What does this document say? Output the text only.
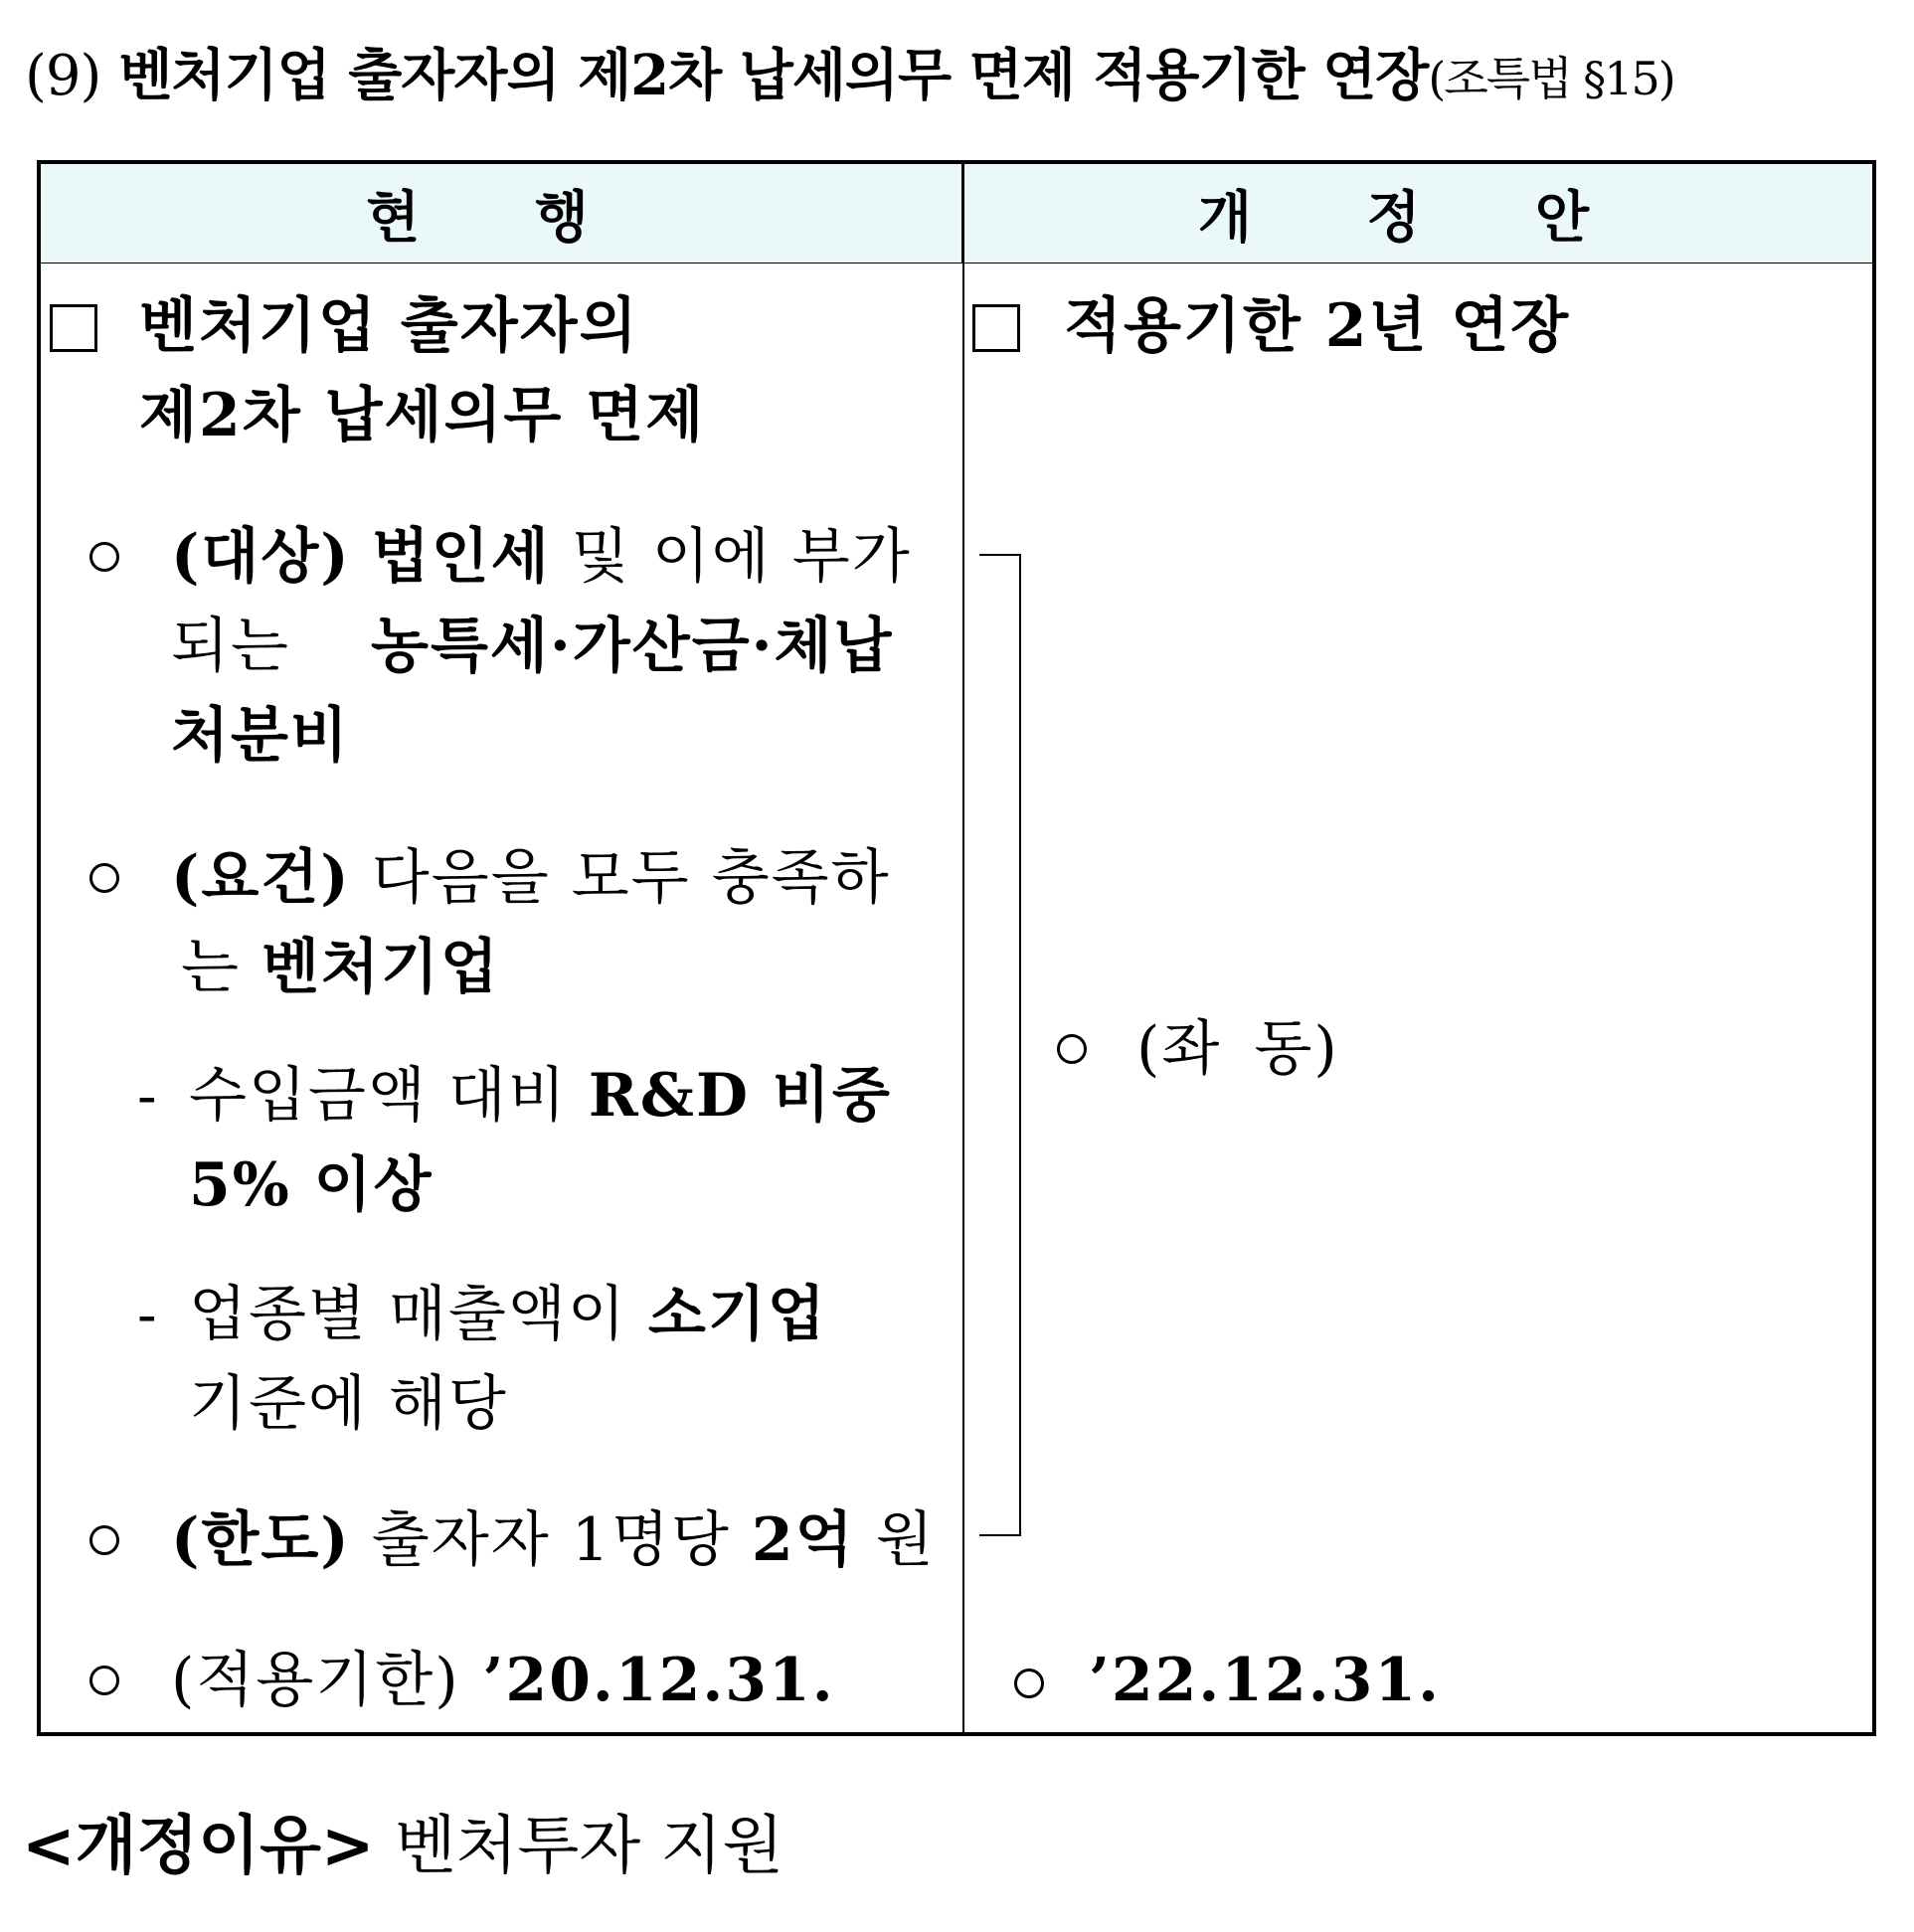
(9) 벤처기업 출자자의 제2차 납세의무 면제 적용기한 연장(조특법 §15)
현 행	개 정 안
벤처기업 출자자의
제2차 납세의무 면제
(대상) 법인세 및 이에 부가
되는 농특세·가산금·체납
처분비
(요건) 다음을 모두 충족하
는 벤처기업
- 수입금액 대비 R&D 비중
5% 이상
- 업종별 매출액이 소기업
기준에 해당
(한도) 출자자 1명당 2억 원
(적용기한) ’20.12.31.
적용기한 2년 연장
(좌 동)
’22.12.31.
<개정이유> 벤처투자 지원
